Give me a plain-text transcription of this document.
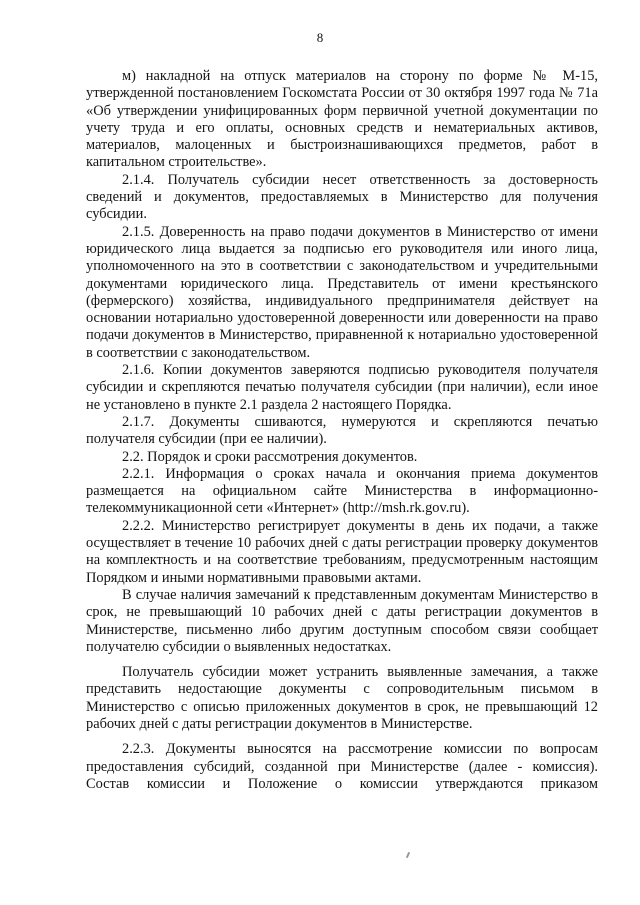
8

м) накладной на отпуск материалов на сторону по форме № М-15, утвержденной постановлением Госкомстата России от 30 октября 1997 года № 71а «Об утверждении унифицированных форм первичной учетной документации по учету труда и его оплаты, основных средств и нематериальных активов, материалов, малоценных и быстроизнашивающихся предметов, работ в капитальном строительстве».

2.1.4. Получатель субсидии несет ответственность за достоверность сведений и документов, предоставляемых в Министерство для получения субсидии.

2.1.5. Доверенность на право подачи документов в Министерство от имени юридического лица выдается за подписью его руководителя или иного лица, уполномоченного на это в соответствии с законодательством и учредительными документами юридического лица. Представитель от имени крестьянского (фермерского) хозяйства, индивидуального предпринимателя действует на основании нотариально удостоверенной доверенности или доверенности на право подачи документов в Министерство, приравненной к нотариально удостоверенной в соответствии с законодательством.

2.1.6. Копии документов заверяются подписью руководителя получателя субсидии и скрепляются печатью получателя субсидии (при наличии), если иное не установлено в пункте 2.1 раздела 2 настоящего Порядка.

2.1.7. Документы сшиваются, нумеруются и скрепляются печатью получателя субсидии (при ее наличии).

2.2. Порядок и сроки рассмотрения документов.

2.2.1. Информация о сроках начала и окончания приема документов размещается на официальном сайте Министерства в информационно-телекоммуникационной сети «Интернет» (http://msh.rk.gov.ru).

2.2.2. Министерство регистрирует документы в день их подачи, а также осуществляет в течение 10 рабочих дней с даты регистрации проверку документов на комплектность и на соответствие требованиям, предусмотренным настоящим Порядком и иными нормативными правовыми актами.

В случае наличия замечаний к представленным документам Министерство в срок, не превышающий 10 рабочих дней с даты регистрации документов в Министерстве, письменно либо другим доступным способом связи сообщает получателю субсидии о выявленных недостатках.

Получатель субсидии может устранить выявленные замечания, а также представить недостающие документы с сопроводительным письмом в Министерство с описью приложенных документов в срок, не превышающий 12 рабочих дней с даты регистрации документов в Министерстве.

2.2.3. Документы выносятся на рассмотрение комиссии по вопросам предоставления субсидий, созданной при Министерстве (далее - комиссия). Состав комиссии и Положение о комиссии утверждаются приказом
